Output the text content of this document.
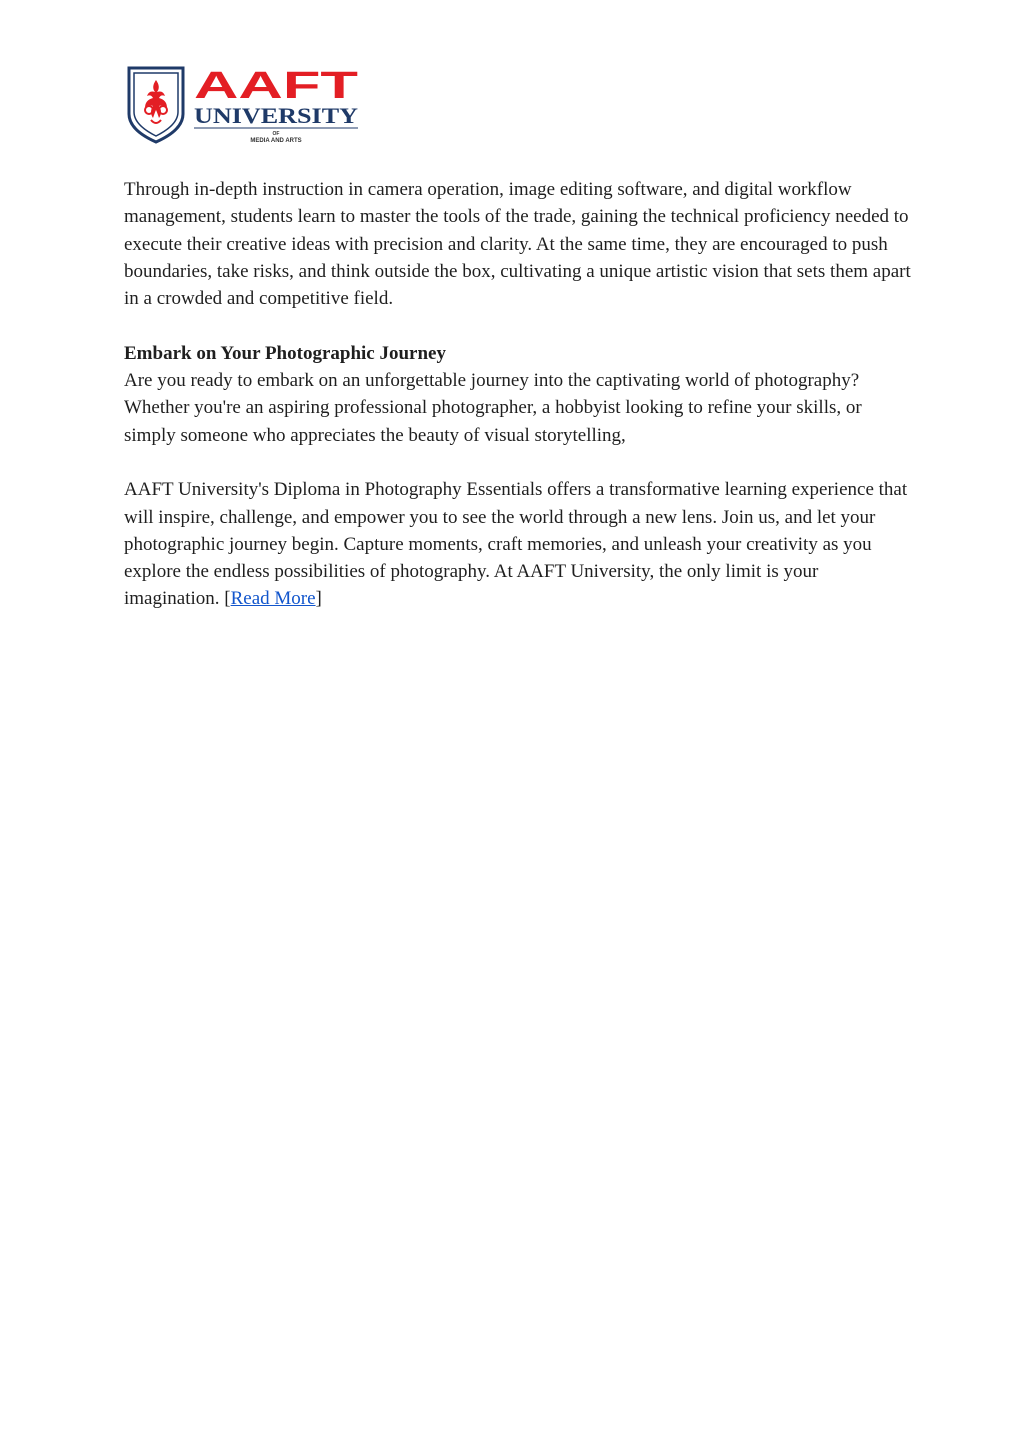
AAFT
UNIVERSITY
OF
MEDIA AND ARTS

Through in-depth instruction in camera operation, image editing software, and digital workflow management, students learn to master the tools of the trade, gaining the technical proficiency needed to execute their creative ideas with precision and clarity. At the same time, they are encouraged to push boundaries, take risks, and think outside the box, cultivating a unique artistic vision that sets them apart in a crowded and competitive field.

Embark on Your Photographic Journey

Are you ready to embark on an unforgettable journey into the captivating world of photography? Whether you're an aspiring professional photographer, a hobbyist looking to refine your skills, or simply someone who appreciates the beauty of visual storytelling,

AAFT University's Diploma in Photography Essentials offers a transformative learning experience that will inspire, challenge, and empower you to see the world through a new lens. Join us, and let your photographic journey begin. Capture moments, craft memories, and unleash your creativity as you explore the endless possibilities of photography. At AAFT University, the only limit is your imagination. [Read More]
